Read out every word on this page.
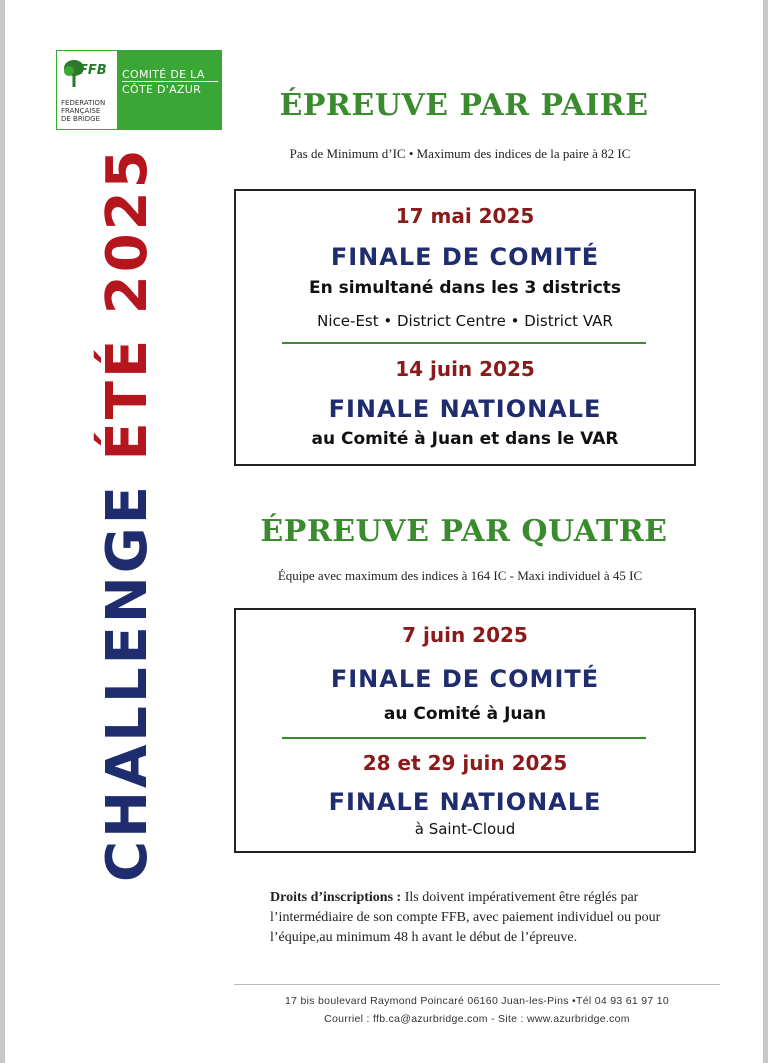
FFB
FEDERATION
FRANÇAISE
DE BRIDGE
COMITÉ DE LA
CÔTE D'AZUR
CHALLENGE ÉTÉ 2025
ÉPREUVE PAR PAIRE
Pas de Minimum d’IC • Maximum des indices de la paire à 82 IC
17 mai 2025
FINALE DE COMITÉ
En simultané dans les 3 districts
Nice-Est • District Centre • District VAR
14 juin 2025
FINALE NATIONALE
au Comité à Juan et dans le VAR
ÉPREUVE PAR QUATRE
Équipe avec maximum des indices à 164 IC - Maxi individuel à 45 IC
7 juin 2025
FINALE DE COMITÉ
au Comité à Juan
28 et 29 juin 2025
FINALE NATIONALE
à Saint-Cloud
Droits d’inscriptions : Ils doivent impérativement être réglés par l’intermédiaire de son compte FFB, avec paiement individuel ou pour l’équipe,au minimum 48 h avant le début de l’épreuve.
17 bis boulevard Raymond Poincaré 06160 Juan-les-Pins •Tél 04 93 61 97 10
Courriel : ffb.ca@azurbridge.com - Site : www.azurbridge.com
